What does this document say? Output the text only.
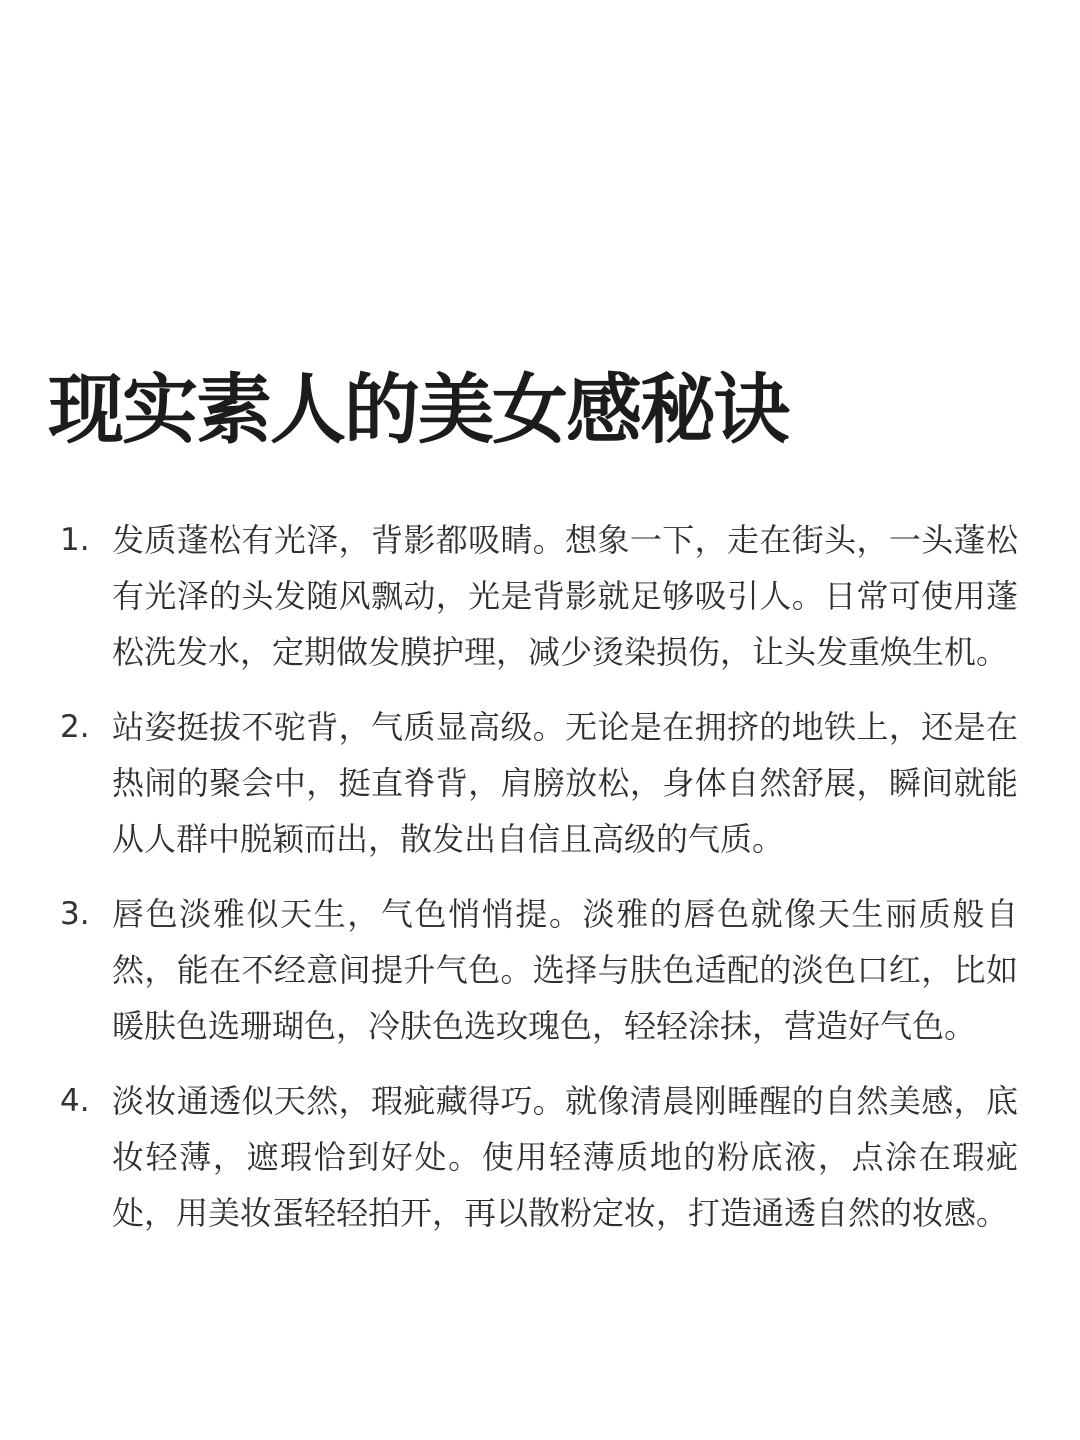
现实素人的美女感秘诀
1. 发质蓬松有光泽，背影都吸睛。想象一下，走在街头，一头蓬松有光泽的头发随风飘动，光是背影就足够吸引人。日常可使用蓬松洗发水，定期做发膜护理，减少烫染损伤，让头发重焕生机。
2. 站姿挺拔不驼背，气质显高级。无论是在拥挤的地铁上，还是在热闹的聚会中，挺直脊背，肩膀放松，身体自然舒展，瞬间就能从人群中脱颖而出，散发出自信且高级的气质。
3. 唇色淡雅似天生，气色悄悄提。淡雅的唇色就像天生丽质般自然，能在不经意间提升气色。选择与肤色适配的淡色口红，比如暖肤色选珊瑚色，冷肤色选玫瑰色，轻轻涂抹，营造好气色。
4. 淡妆通透似天然，瑕疵藏得巧。就像清晨刚睡醒的自然美感，底妆轻薄，遮瑕恰到好处。使用轻薄质地的粉底液，点涂在瑕疵处，用美妆蛋轻轻拍开，再以散粉定妆，打造通透自然的妆感。
